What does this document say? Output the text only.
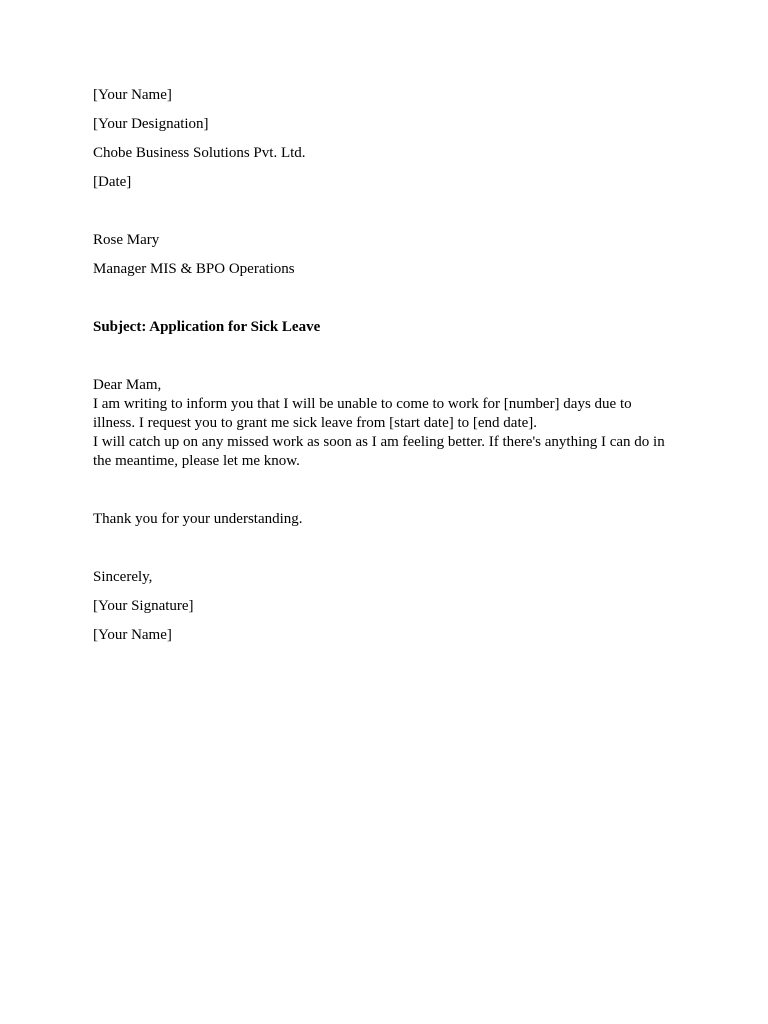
[Your Name]

[Your Designation]

Chobe Business Solutions Pvt. Ltd.

[Date]

Rose Mary

Manager MIS & BPO Operations

Subject: Application for Sick Leave

Dear Mam,

I am writing to inform you that I will be unable to come to work for [number] days due to illness. I request you to grant me sick leave from [start date] to [end date].

I will catch up on any missed work as soon as I am feeling better. If there's anything I can do in the meantime, please let me know.

Thank you for your understanding.

Sincerely,

[Your Signature]

[Your Name]
